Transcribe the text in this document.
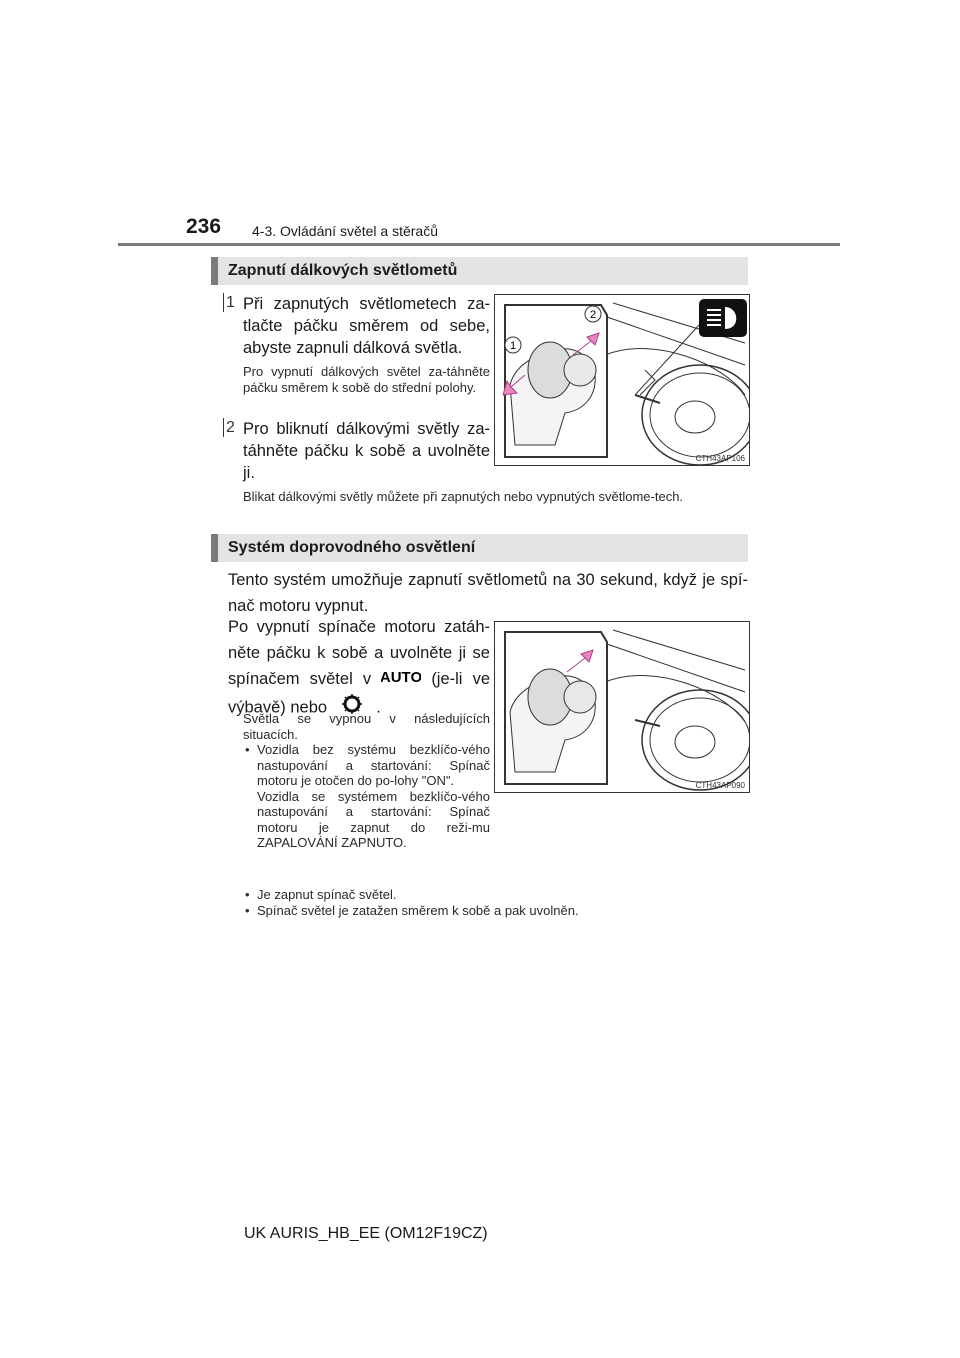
236 4-3. Ovládání světel a stěračů
Zapnutí dálkových světlometů
1 Při zapnutých světlometech za-tlačte páčku směrem od sebe, abyste zapnuli dálková světla.
Pro vypnutí dálkových světel za-táhněte páčku směrem k sobě do střední polohy.
2 Pro bliknutí dálkovými světly za-táhněte páčku k sobě a uvolněte ji.
2
1
CTH43AP106
Blikat dálkovými světly můžete při zapnutých nebo vypnutých světlome-tech.
Systém doprovodného osvětlení
Tento systém umožňuje zapnutí světlometů na 30 sekund, když je spí-nač motoru vypnut.
Po vypnutí spínače motoru zatáh-něte páčku k sobě a uvolněte ji se spínačem světel v AUTO (je-li ve výbavě) nebo	.
CTH43AP090
Světla se vypnou v následujících situacích.
• Vozidla bez systému bezklíčo-vého nastupování a startování: Spínač motoru je otočen do po-lohy "ON".
Vozidla se systémem bezklíčo-vého nastupování a startování: Spínač motoru je zapnut do reži-mu ZAPALOVÁNÍ ZAPNUTO.
• Je zapnut spínač světel.
• Spínač světel je zatažen směrem k sobě a pak uvolněn.
UK AURIS_HB_EE (OM12F19CZ)
